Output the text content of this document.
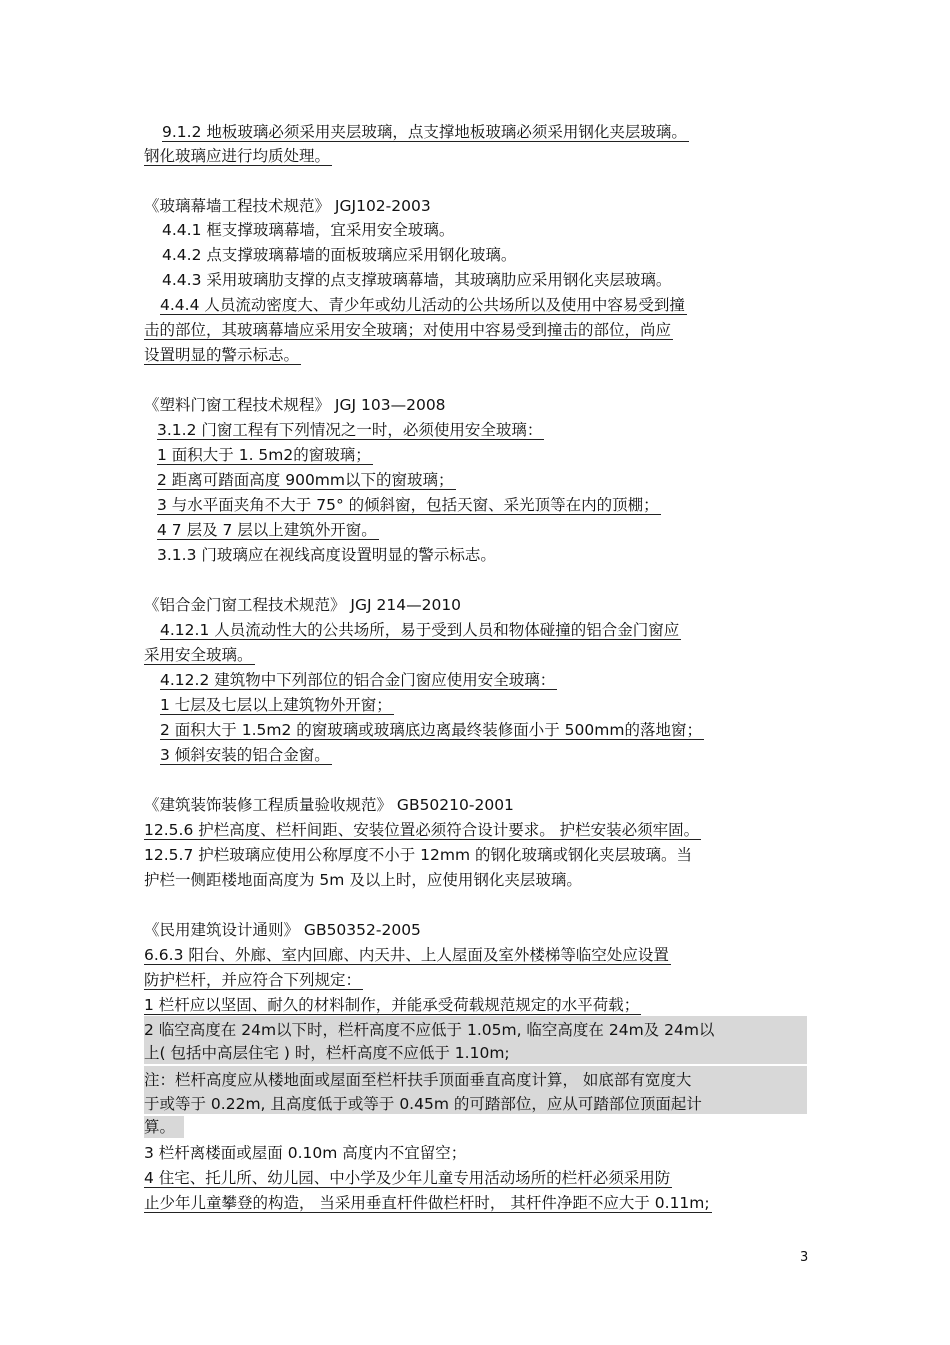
9.1.2 地板玻璃必须采用夹层玻璃，点支撑地板玻璃必须采用钢化夹层玻璃。
钢化玻璃应进行均质处理。
《玻璃幕墙工程技术规范》 JGJ102-2003
4.4.1 框支撑玻璃幕墙，宜采用安全玻璃。
4.4.2 点支撑玻璃幕墙的面板玻璃应采用钢化玻璃。
4.4.3 采用玻璃肋支撑的点支撑玻璃幕墙，其玻璃肋应采用钢化夹层玻璃。
4.4.4 人员流动密度大、青少年或幼儿活动的公共场所以及使用中容易受到撞
击的部位，其玻璃幕墙应采用安全玻璃；对使用中容易受到撞击的部位，尚应
设置明显的警示标志。
《塑料门窗工程技术规程》 JGJ 103—2008
3.1.2 门窗工程有下列情况之一时，必须使用安全玻璃：
1 面积大于 1. 5m2的窗玻璃；
2 距离可踏面高度 900mm以下的窗玻璃；
3 与水平面夹角不大于 75° 的倾斜窗，包括天窗、采光顶等在内的顶棚；
4 7 层及 7 层以上建筑外开窗。
3.1.3 门玻璃应在视线高度设置明显的警示标志。
《铝合金门窗工程技术规范》 JGJ 214—2010
4.12.1 人员流动性大的公共场所，易于受到人员和物体碰撞的铝合金门窗应
采用安全玻璃。
4.12.2 建筑物中下列部位的铝合金门窗应使用安全玻璃：
1 七层及七层以上建筑物外开窗；
2 面积大于 1.5m2 的窗玻璃或玻璃底边离最终装修面小于 500mm的落地窗；
3 倾斜安装的铝合金窗。
《建筑装饰装修工程质量验收规范》 GB50210-2001
12.5.6 护栏高度、栏杆间距、安装位置必须符合设计要求。 护栏安装必须牢固。
12.5.7 护栏玻璃应使用公称厚度不小于 12mm 的钢化玻璃或钢化夹层玻璃。当
护栏一侧距楼地面高度为 5m 及以上时，应使用钢化夹层玻璃。
《民用建筑设计通则》 GB50352-2005
6.6.3 阳台、外廊、室内回廊、内天井、上人屋面及室外楼梯等临空处应设置
防护栏杆，并应符合下列规定：
1 栏杆应以坚固、耐久的材料制作，并能承受荷载规范规定的水平荷载；
2 临空高度在 24m以下时，栏杆高度不应低于 1.05m, 临空高度在 24m及 24m以
上( 包括中高层住宅 ) 时，栏杆高度不应低于 1.10m;
注：栏杆高度应从楼地面或屋面至栏杆扶手顶面垂直高度计算， 如底部有宽度大
于或等于 0.22m, 且高度低于或等于 0.45m 的可踏部位，应从可踏部位顶面起计
算。
3 栏杆离楼面或屋面 0.10m 高度内不宜留空；
4 住宅、托儿所、幼儿园、中小学及少年儿童专用活动场所的栏杆必须采用防
止少年儿童攀登的构造， 当采用垂直杆件做栏杆时， 其杆件净距不应大于 0.11m;
3
